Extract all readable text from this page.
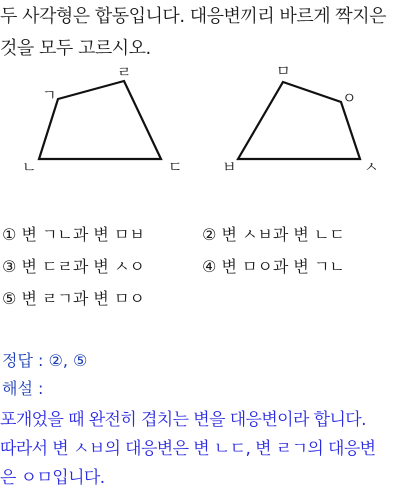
두 사각형은 합동입니다. 대응변끼리 바르게 짝지은
것을 모두 고르시오.
ㄱ
ㄹ
ㄴ	ㄷ
ㅁ
ㅇ
ㅂ	ㅅ
① 변 ㄱㄴ과 변 ㅁㅂ	② 변 ㅅㅂ과 변 ㄴㄷ
③ 변 ㄷㄹ과 변 ㅅㅇ	④ 변 ㅁㅇ과 변 ㄱㄴ
⑤ 변 ㄹㄱ과 변 ㅁㅇ
정답 : ②, ⑤
해설 :
포개었을 때 완전히 겹치는 변을 대응변이라 합니다.
따라서 변 ㅅㅂ의 대응변은 변 ㄴㄷ, 변 ㄹㄱ의 대응변
은 ㅇㅁ입니다.
